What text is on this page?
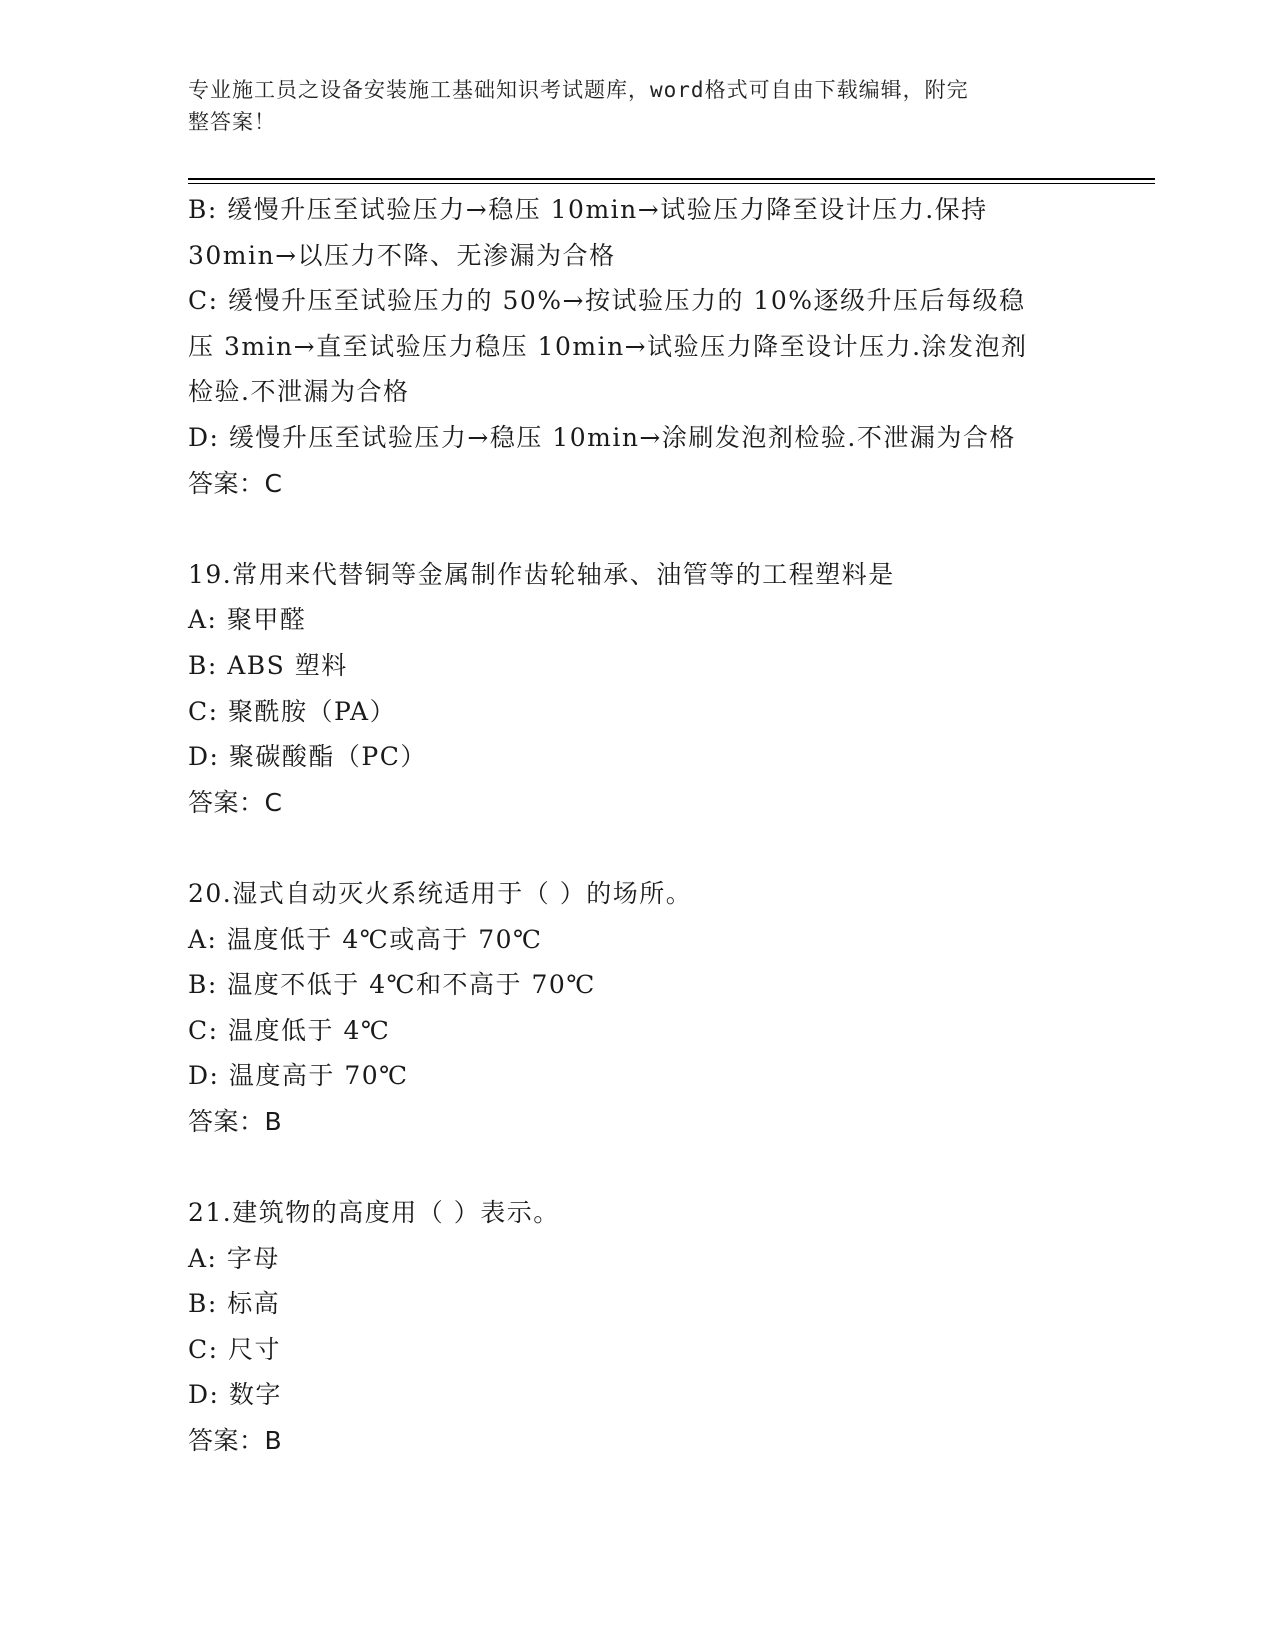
专业施工员之设备安装施工基础知识考试题库，word格式可自由下载编辑，附完
整答案！
B: 缓慢升压至试验压力→稳压 10min→试验压力降至设计压力.保持
30min→以压力不降、无渗漏为合格
C: 缓慢升压至试验压力的 50%→按试验压力的 10%逐级升压后每级稳
压 3min→直至试验压力稳压 10min→试验压力降至设计压力.涂发泡剂
检验.不泄漏为合格
D: 缓慢升压至试验压力→稳压 10min→涂刷发泡剂检验.不泄漏为合格
答案：C
19.常用来代替铜等金属制作齿轮轴承、油管等的工程塑料是
A: 聚甲醛
B: ABS 塑料
C: 聚酰胺（PA）
D: 聚碳酸酯（PC）
答案：C
20.湿式自动灭火系统适用于（ ）的场所。
A: 温度低于 4℃或高于 70℃
B: 温度不低于 4℃和不高于 70℃
C: 温度低于 4℃
D: 温度高于 70℃
答案：B
21.建筑物的高度用（ ）表示。
A: 字母
B: 标高
C: 尺寸
D: 数字
答案：B
